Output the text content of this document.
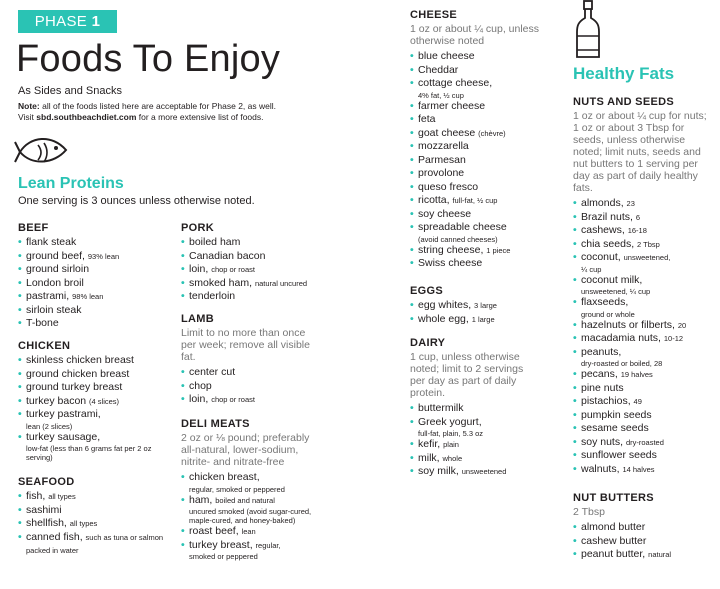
PHASE 1
Foods To Enjoy
As Sides and Snacks
Note: all of the foods listed here are acceptable for Phase 2, as well.
Visit sbd.southbeachdiet.com for a more extensive list of foods.
Lean Proteins
One serving is 3 ounces unless otherwise noted.
Healthy Fats
BEEF
• flank steak
• ground beef, 93% lean
• ground sirloin
• London broil
• pastrami, 98% lean
• sirloin steak
• T-bone
CHICKEN
• skinless chicken breast
• ground chicken breast
• ground turkey breast
• turkey bacon (4 slices)
• turkey pastrami,
lean (2 slices)
• turkey sausage,
low-fat (less than 6 grams fat per 2 oz serving)
SEAFOOD
• fish, all types
• sashimi
• shellfish, all types
• canned fish, such as tuna or salmon packed in water
PORK
• boiled ham
• Canadian bacon
• loin, chop or roast
• smoked ham, natural uncured
• tenderloin
LAMB
Limit to no more than once per week; remove all visible fat.
• center cut
• chop
• loin, chop or roast
DELI MEATS
2 oz or ⅛ pound; preferably all-natural, lower-sodium, nitrite- and nitrate-free
• chicken breast,
regular, smoked or peppered
• ham, boiled and natural
uncured smoked (avoid sugar-cured, maple-cured, and honey-baked)
• roast beef, lean
• turkey breast, regular,
smoked or peppered
CHEESE
1 oz or about ¼ cup, unless otherwise noted
• blue cheese
• Cheddar
• cottage cheese,
4% fat, ½ cup
• farmer cheese
• feta
• goat cheese (chèvre)
• mozzarella
• Parmesan
• provolone
• queso fresco
• ricotta, full-fat, ½ cup
• soy cheese
• spreadable cheese
(avoid canned cheeses)
• string cheese, 1 piece
• Swiss cheese
EGGS
• egg whites, 3 large
• whole egg, 1 large
DAIRY
1 cup, unless otherwise noted; limit to 2 servings per day as part of daily protein.
• buttermilk
• Greek yogurt,
full-fat, plain, 5.3 oz
• kefir, plain
• milk, whole
• soy milk, unsweetened
NUTS AND SEEDS
1 oz or about ¼ cup for nuts; 1 oz or about 3 Tbsp for seeds, unless otherwise noted; limit nuts, seeds and nut butters to 1 serving per day as part of daily healthy fats.
• almonds, 23
• Brazil nuts, 6
• cashews, 16-18
• chia seeds, 2 Tbsp
• coconut, unsweetened,
¼ cup
• coconut milk,
unsweetened, ¼ cup
• flaxseeds,
ground or whole
• hazelnuts or filberts, 20
• macadamia nuts, 10-12
• peanuts,
dry-roasted or boiled, 28
• pecans, 19 halves
• pine nuts
• pistachios, 49
• pumpkin seeds
• sesame seeds
• soy nuts, dry-roasted
• sunflower seeds
• walnuts, 14 halves
NUT BUTTERS
2 Tbsp
• almond butter
• cashew butter
• peanut butter, natural
